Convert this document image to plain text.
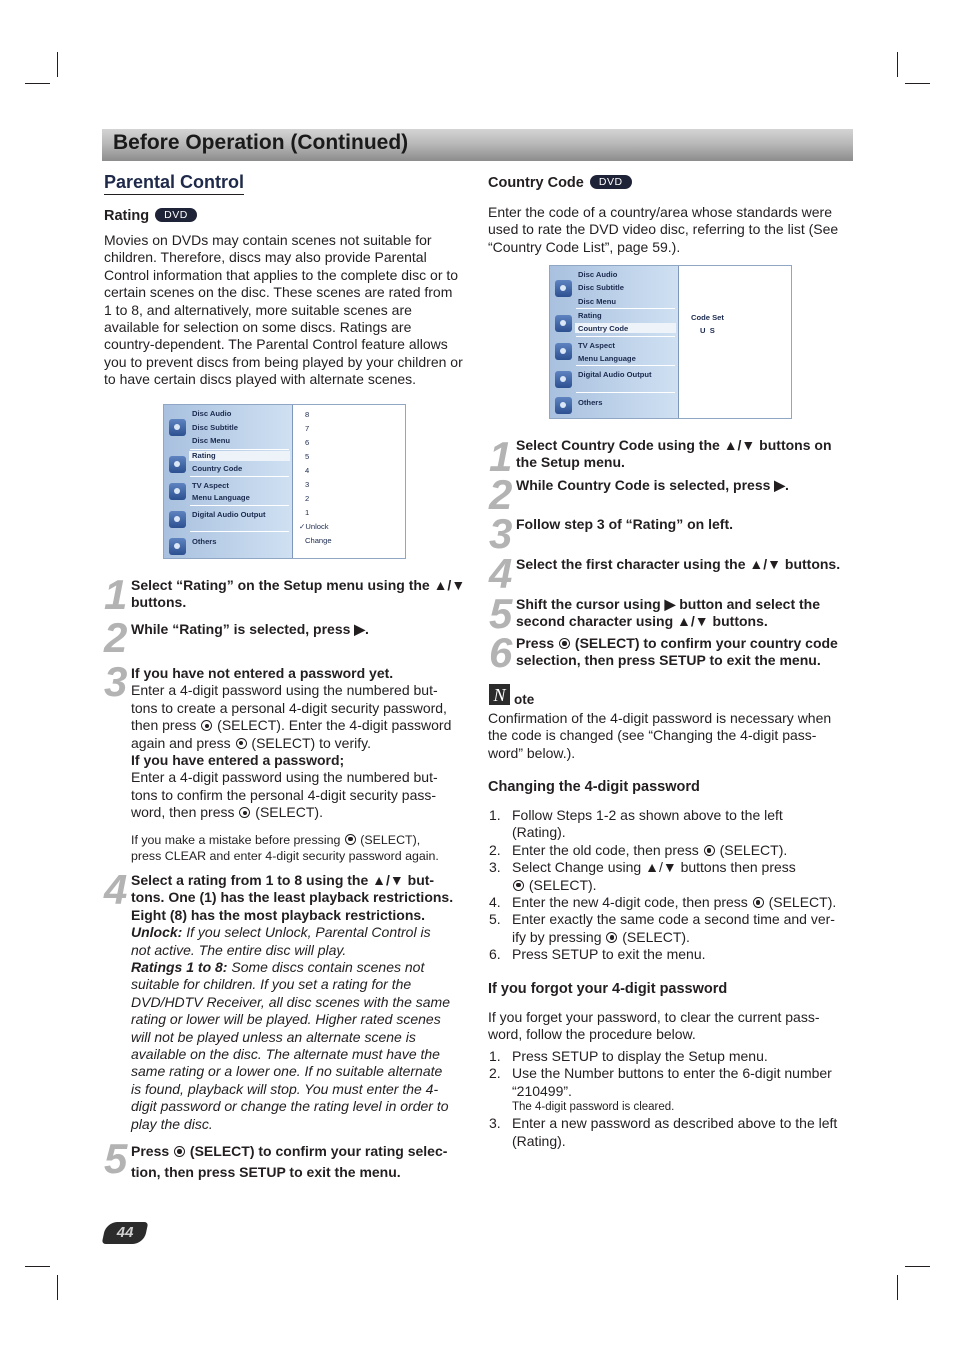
Before Operation (Continued)
Parental Control
Rating DVD
Movies on DVDs may contain scenes not suitable for children. Therefore, discs may also provide Parental Control information that applies to the complete disc or to certain scenes on the disc. These scenes are rated from 1 to 8, and alternatively, more suitable scenes are available for selection on some discs. Ratings are country-dependent. The Parental Control feature allows you to prevent discs from being played by your children or to have certain discs played with alternate scenes.
Disc Audio
Disc Subtitle
Disc Menu
Rating
Country Code
TV Aspect
Menu Language
Digital Audio Output
Others
8
7
6
5
4
3
2
1
✓Unlock
Change
1 Select “Rating” on the Setup menu using the ▲/▼ buttons.
2 While “Rating” is selected, press ▶.
3 If you have not entered a password yet.
Enter a 4-digit password using the numbered but-
tons to create a personal 4-digit security password,
then press  (SELECT). Enter the 4-digit password
again and press  (SELECT) to verify.
If you have entered a password;
Enter a 4-digit password using the numbered but-
tons to confirm the personal 4-digit security pass-
word, then press  (SELECT).
If you make a mistake before pressing  (SELECT),
press CLEAR and enter 4-digit security password again.
4 Select a rating from 1 to 8 using the ▲/▼ but-
tons. One (1) has the least playback restrictions.
Eight (8) has the most playback restrictions.
Unlock: If you select Unlock, Parental Control is
not active. The entire disc will play.
Ratings 1 to 8: Some discs contain scenes not
suitable for children. If you set a rating for the
DVD/HDTV Receiver, all disc scenes with the same
rating or lower will be played. Higher rated scenes
will not be played unless an alternate scene is
available on the disc. The alternate must have the
same rating or a lower one. If no suitable alternate
is found, playback will stop. You must enter the 4-
digit password or change the rating level in order to
play the disc.
5 Press  (SELECT) to confirm your rating selec-
tion, then press SETUP to exit the menu.
Country Code DVD
Enter the code of a country/area whose standards were used to rate the DVD video disc, referring to the list (See “Country Code List”, page 59.).
Disc Audio
Disc Subtitle
Disc Menu
Rating
Country Code
TV Aspect
Menu Language
Digital Audio Output
Others
Code Set
U  S
1 Select Country Code using the ▲/▼ buttons on
the Setup menu.
2 While Country Code is selected, press ▶.
3 Follow step 3 of “Rating” on left.
4 Select the first character using the ▲/▼ buttons.
5 Shift the cursor using ▶ button and select the
second character using ▲/▼ buttons.
6 Press  (SELECT) to confirm your country code
selection, then press SETUP to exit the menu.
N ote
Confirmation of the 4-digit password is necessary when the code is changed (see “Changing the 4-digit pass-word” below.).
Changing the 4-digit password
1. Follow Steps 1-2 as shown above to the left
(Rating).
2. Enter the old code, then press  (SELECT).
3. Select Change using ▲/▼ buttons then press
(SELECT).
4. Enter the new 4-digit code, then press  (SELECT).
5. Enter exactly the same code a second time and ver-
ify by pressing  (SELECT).
6. Press SETUP to exit the menu.
If you forgot your 4-digit password
If you forget your password, to clear the current pass-word, follow the procedure below.
1. Press SETUP to display the Setup menu.
2. Use the Number buttons to enter the 6-digit number
“210499”.
The 4-digit password is cleared.
3. Enter a new password as described above to the left
(Rating).
44
